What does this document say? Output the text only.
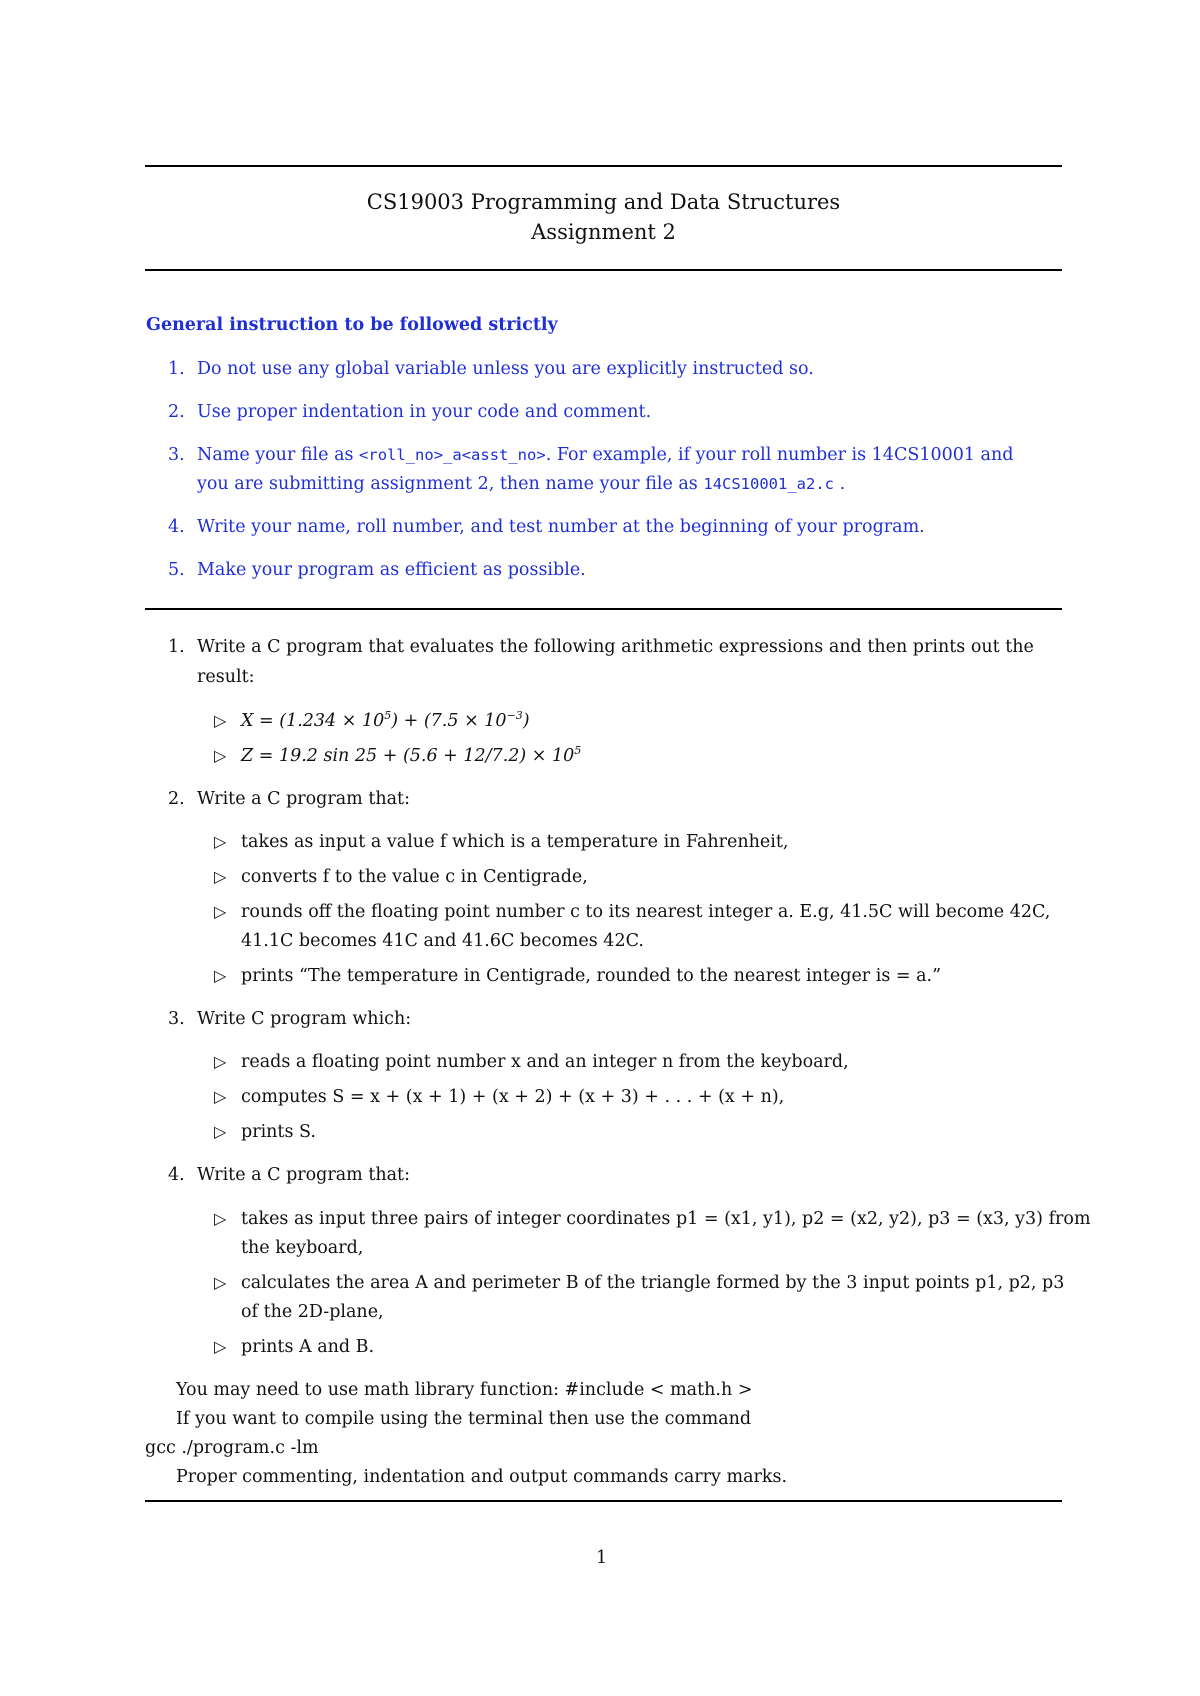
CS19003 Programming and Data Structures
Assignment 2
General instruction to be followed strictly
1. Do not use any global variable unless you are explicitly instructed so.
2. Use proper indentation in your code and comment.
3. Name your file as <roll_no>_a<asst_no>. For example, if your roll number is 14CS10001 and
you are submitting assignment 2, then name your file as 14CS10001_a2.c .
4. Write your name, roll number, and test number at the beginning of your program.
5. Make your program as efficient as possible.
1. Write a C program that evaluates the following arithmetic expressions and then prints out the
result:
▷ $X = (1.234 \times 10^5) + (7.5 \times 10^{-3})$
▷ Z = 19.2 $\sin 25 + (5.6 + 12/7.2) \times 10^5$
2. Write a C program that:
▷ takes as input a value f which is a temperature in Fahrenheit,
▷ converts f to the value c in Centigrade,
▷ rounds off the floating point number c to its nearest integer a. E.g, 41.5C will become 42C,
41.1C becomes 41C and 41.6C becomes 42C.
▷ prints “The temperature in Centigrade, rounded to the nearest integer is = a.”
3. Write C program which:
▷ reads a floating point number x and an integer n from the keyboard,
▷ computes S = x + (x + 1) + (x + 2) + (x + 3) + . . . + (x + n),
▷ prints S.
4. Write a C program that:
▷ takes as input three pairs of integer coordinates p1 = (x1, y1), p2 = (x2, y2), p3 = (x3, y3) from
the keyboard,
▷ calculates the area A and perimeter B of the triangle formed by the 3 input points p1, p2, p3
of the 2D-plane,
▷ prints A and B.
You may need to use math library function: #include < math.h >
If you want to compile using the terminal then use the command
gcc ./program.c -lm
Proper commenting, indentation and output commands carry marks.
1
